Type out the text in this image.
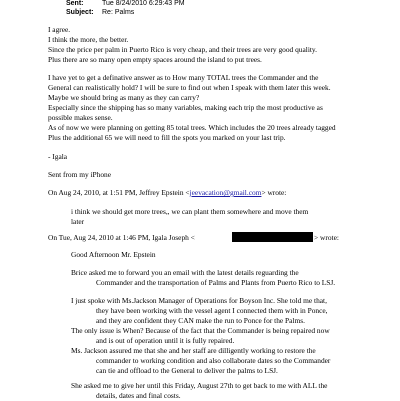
Sent:	Tue 8/24/2010 6:29:43 PM
Subject: Re: Palms
I agree.
I think the more, the better.
Since the price per palm in Puerto Rico is very cheap, and their trees are very good quality.
Plus there are so many open empty spaces around the island to put trees.
I have yet to get a definative answer as to How many TOTAL trees the Commander and the
General can realistically hold? I will be sure to find out when I speak with them later this week.
Maybe we should bring as many as they can carry?
Especially since the shipping has so many variables, making each trip the most productive as
possible makes sense.
As of now we were planning on getting 85 total trees. Which includes the 20 trees already tagged
Plus the additional 65 we will need to fill the spots you marked on your last trip.
- Igala
Sent from my iPhone
On Aug 24, 2010, at 1:51 PM, Jeffrey Epstein <jeevacation@gmail.com> wrote:
i think we should get more trees,, we can plant them somewhere and move them
later
On Tue, Aug 24, 2010 at 1:46 PM, Igala Joseph <	> wrote:
Good Afternoon Mr. Epstein
Brice asked me to forward you an email with the latest details reguarding the
Commander and the transportation of Palms and Plants from Puerto Rico to LSJ.
I just spoke with Ms.Jackson Manager of Operations for Boyson Inc. She told me that,
they have been working with the vessel agent I connected them with in Ponce,
and they are confident they CAN make the run to Ponce for the Palms.
The only issue is When? Because of the fact that the Commander is being repaired now
and is out of operation until it is fully repaired.
Ms. Jackson assured me that she and her staff are dilligently working to restore the
commander to working condition and also collaborate dates so the Commander
can tie and offload to the General to deliver the palms to LSJ.
She asked me to give her until this Friday, August 27th to get back to me with ALL the
details, dates and final costs.
